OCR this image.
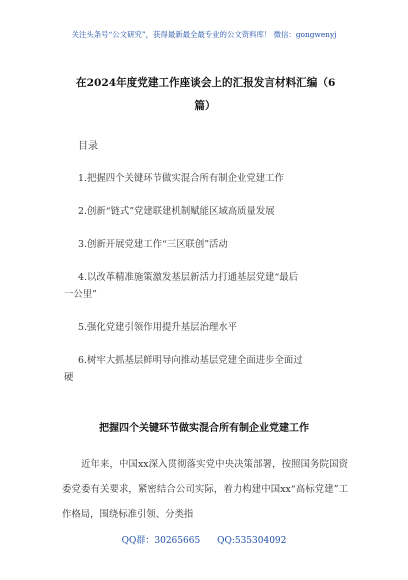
关注头条号“公文研究”，获得最新最全最专业的公文资料库！ 微信：gongwenyj
在2024年度党建工作座谈会上的汇报发言材料汇编（6
篇）
目录
1.把握四个关键环节做实混合所有制企业党建工作
2.创新“链式”党建联建机制赋能区域高质量发展
3.创新开展党建工作“三区联创”活动
4.以改革精准施策激发基层新活力打通基层党建“最后
一公里”
5.强化党建引领作用提升基层治理水平
6.树牢大抓基层鲜明导向推动基层党建全面进步全面过
硬
把握四个关键环节做实混合所有制企业党建工作

近年来，中国xx深入贯彻落实党中央决策部署，按照国务院国资委党委有关要求，紧密结合公司实际，着力构建中国xx“高标党建”工作格局，围绕标准引领、分类指

QQ群：30265665 QQ:535304092
